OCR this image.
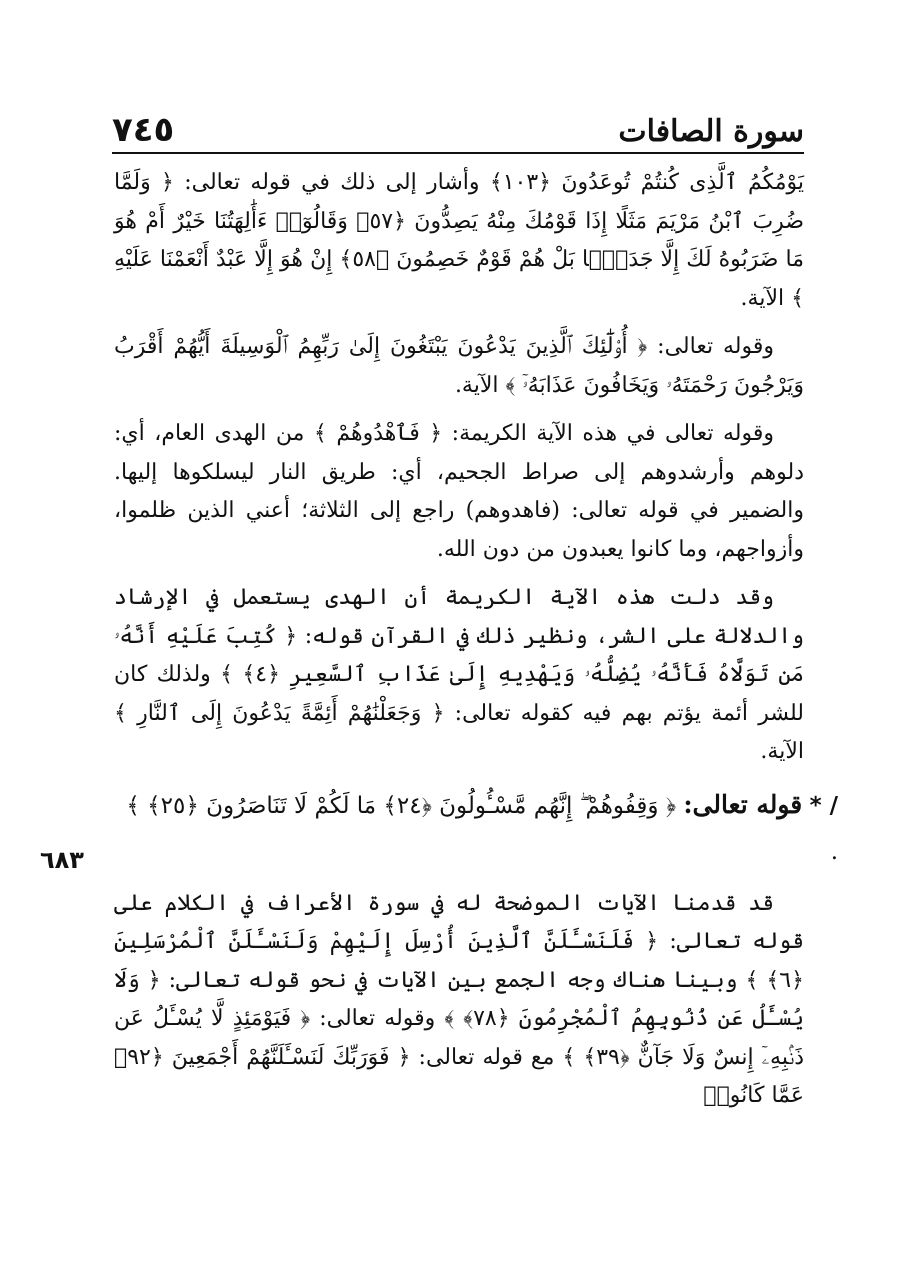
سورة الصافات
٧٤٥
٦٨٣

يَوْمُكُمُ ٱلَّذِى كُنتُمْ تُوعَدُونَ ﴿١٠٣﴾ وأشار إلى ذلك في قوله تعالى: ﴿ وَلَمَّا ضُرِبَ ٱبْنُ مَرْيَمَ مَثَلًا إِذَا قَوْمُكَ مِنْهُ يَصِدُّونَ ﴿٥٧﴾ وَقَالُوٓا۟ ءَأَٰلِهَتُنَا خَيْرٌ أَمْ هُوَ مَا ضَرَبُوهُ لَكَ إِلَّا جَدَلًۢا بَلْ هُمْ قَوْمٌ خَصِمُونَ ﴿٥٨﴾ إِنْ هُوَ إِلَّا عَبْدٌ أَنْعَمْنَا عَلَيْهِ ﴾ الآية.

وقوله تعالى: ﴿ أُو۟لَٰٓئِكَ ٱلَّذِينَ يَدْعُونَ يَبْتَغُونَ إِلَىٰ رَبِّهِمُ ٱلْوَسِيلَةَ أَيُّهُمْ أَقْرَبُ وَيَرْجُونَ رَحْمَتَهُۥ وَيَخَافُونَ عَذَابَهُۥٓ ﴾ الآية.

وقوله تعالى في هذه الآية الكريمة: ﴿ فَٱهْدُوهُمْ ﴾ من الهدى العام، أي: دلوهم وأرشدوهم إلى صراط الجحيم، أي: طريق النار ليسلكوها إليها. والضمير في قوله تعالى: (فاهدوهم) راجع إلى الثلاثة؛ أعني الذين ظلموا، وأزواجهم، وما كانوا يعبدون من دون الله.

وقد دلت هذه الآية الكريمة أن الهدى يستعمل في الإرشاد والدلالة على الشر، ونظير ذلك في القرآن قوله: ﴿ كُتِبَ عَلَيْهِ أَنَّهُۥ مَن تَوَلَّاهُ فَأَنَّهُۥ يُضِلُّهُۥ وَيَهْدِيهِ إِلَىٰ عَذَابِ ٱلسَّعِيرِ ﴿٤﴾ ﴾ ولذلك كان للشر أئمة يؤتم بهم فيه كقوله تعالى: ﴿ وَجَعَلْنَٰهُمْ أَئِمَّةً يَدْعُونَ إِلَى ٱلنَّارِ ﴾ الآية.

/ * قوله تعالى: ﴿ وَقِفُوهُمْ ۖ إِنَّهُم مَّسْـُٔولُونَ ﴿٢٤﴾ مَا لَكُمْ لَا تَنَاصَرُونَ ﴿٢٥﴾ ﴾ .

قد قدمنا الآيات الموضحة له في سورة الأعراف في الكلام على قوله تعالى: ﴿ فَلَنَسْـَٔلَنَّ ٱلَّذِينَ أُرْسِلَ إِلَيْهِمْ وَلَنَسْـَٔلَنَّ ٱلْمُرْسَلِينَ ﴿٦﴾ ﴾ وبينا هناك وجه الجمع بين الآيات في نحو قوله تعالى: ﴿ وَلَا يُسْـَٔلُ عَن ذُنُوبِهِمُ ٱلْمُجْرِمُونَ ﴿٧٨﴾ ﴾ وقوله تعالى: ﴿ فَيَوْمَئِذٍ لَّا يُسْـَٔلُ عَن ذَنۢبِهِۦٓ إِنسٌ وَلَا جَآنٌّ ﴿٣٩﴾ ﴾ مع قوله تعالى: ﴿ فَوَرَبِّكَ لَنَسْـَٔلَنَّهُمْ أَجْمَعِينَ ﴿٩٢﴾ عَمَّا كَانُوا۟
